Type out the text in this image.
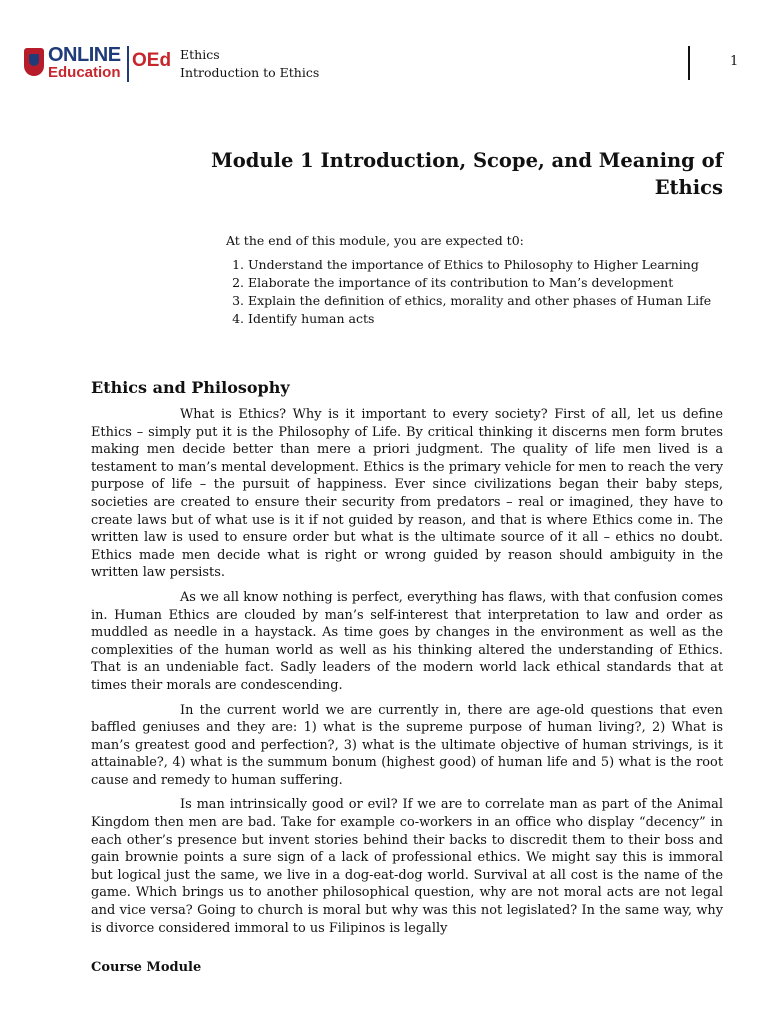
ONLINE
Education
OEd Ethics
Introduction to Ethics
1
Module 1 Introduction, Scope, and Meaning of
Ethics

At the end of this module, you are expected t0:

1. Understand the importance of Ethics to Philosophy to Higher Learning
2. Elaborate the importance of its contribution to Man’s development
3. Explain the definition of ethics, morality and other phases of Human Life
4. Identify human acts
Ethics and Philosophy

What is Ethics? Why is it important to every society? First of all, let us define Ethics – simply put it is the Philosophy of Life. By critical thinking it discerns men form brutes making men decide better than mere a priori judgment. The quality of life men lived is a testament to man’s mental development. Ethics is the primary vehicle for men to reach the very purpose of life – the pursuit of happiness. Ever since civilizations began their baby steps, societies are created to ensure their security from predators – real or imagined, they have to create laws but of what use is it if not guided by reason, and that is where Ethics come in. The written law is used to ensure order but what is the ultimate source of it all – ethics no doubt. Ethics made men decide what is right or wrong guided by reason should ambiguity in the written law persists.

As we all know nothing is perfect, everything has flaws, with that confusion comes in. Human Ethics are clouded by man’s self-interest that interpretation to law and order as muddled as needle in a haystack. As time goes by changes in the environment as well as the complexities of the human world as well as his thinking altered the understanding of Ethics. That is an undeniable fact. Sadly leaders of the modern world lack ethical standards that at times their morals are condescending.

In the current world we are currently in, there are age-old questions that even baffled geniuses and they are: 1) what is the supreme purpose of human living?, 2) What is man’s greatest good and perfection?, 3) what is the ultimate objective of human strivings, is it attainable?, 4) what is the summum bonum (highest good) of human life and 5) what is the root cause and remedy to human suffering.

Is man intrinsically good or evil? If we are to correlate man as part of the Animal Kingdom then men are bad. Take for example co-workers in an office who display “decency” in each other’s presence but invent stories behind their backs to discredit them to their boss and gain brownie points a sure sign of a lack of professional ethics. We might say this is immoral but logical just the same, we live in a dog-eat-dog world. Survival at all cost is the name of the game. Which brings us to another philosophical question, why are not moral acts are not legal and vice versa? Going to church is moral but why was this not legislated? In the same way, why is divorce considered immoral to us Filipinos is legally

Course Module
